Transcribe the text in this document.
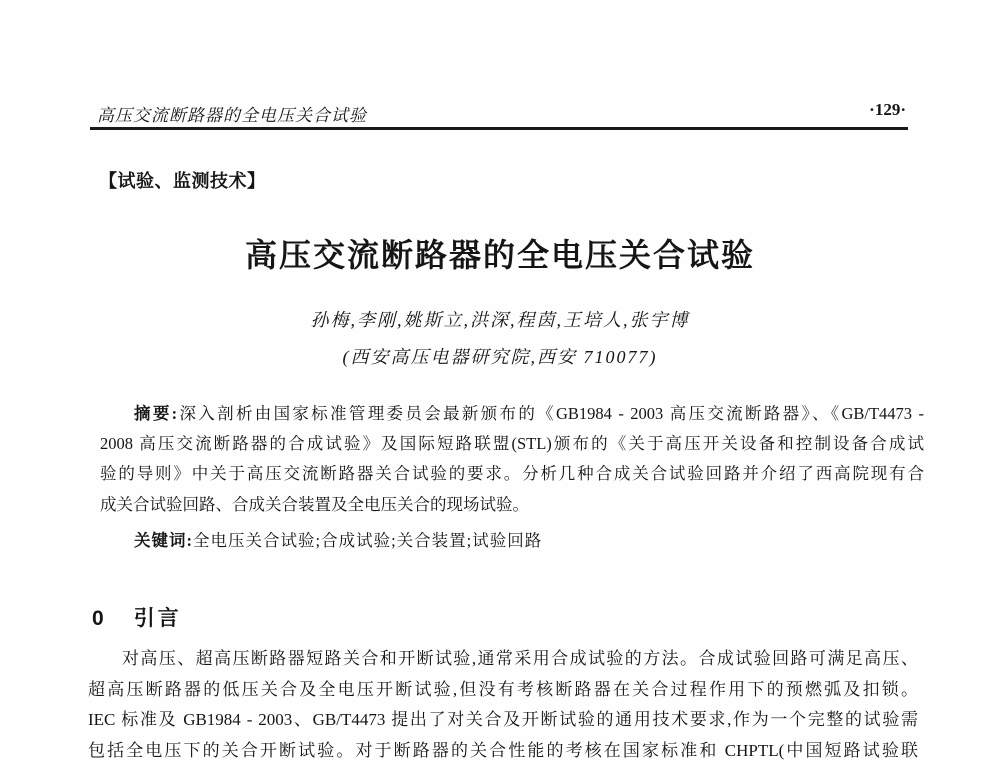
高压交流断路器的全电压关合试验	·129·
【试验、监测技术】
高压交流断路器的全电压关合试验
孙梅,李刚,姚斯立,洪深,程茵,王培人,张宇博
(西安高压电器研究院,西安 710077)
摘要:深入剖析由国家标准管理委员会最新颁布的《GB1984 - 2003 高压交流断路器》、《GB/T4473 -
2008 高压交流断路器的合成试验》及国际短路联盟(STL)颁布的《关于高压开关设备和控制设备合成试
验的导则》中关于高压交流断路器关合试验的要求。分析几种合成关合试验回路并介绍了西高院现有合
成关合试验回路、合成关合装置及全电压关合的现场试验。
关键词:全电压关合试验;合成试验;关合装置;试验回路
0 引言
对高压、超高压断路器短路关合和开断试验,通常采用合成试验的方法。合成试验回路可满足高压、
超高压断路器的低压关合及全电压开断试验,但没有考核断路器在关合过程作用下的预燃弧及扣锁。
IEC 标准及 GB1984 - 2003、GB/T4473 提出了对关合及开断试验的通用技术要求,作为一个完整的试验需
包括全电压下的关合开断试验。对于断路器的关合性能的考核在国家标准和 CHPTL(中国短路试验联
